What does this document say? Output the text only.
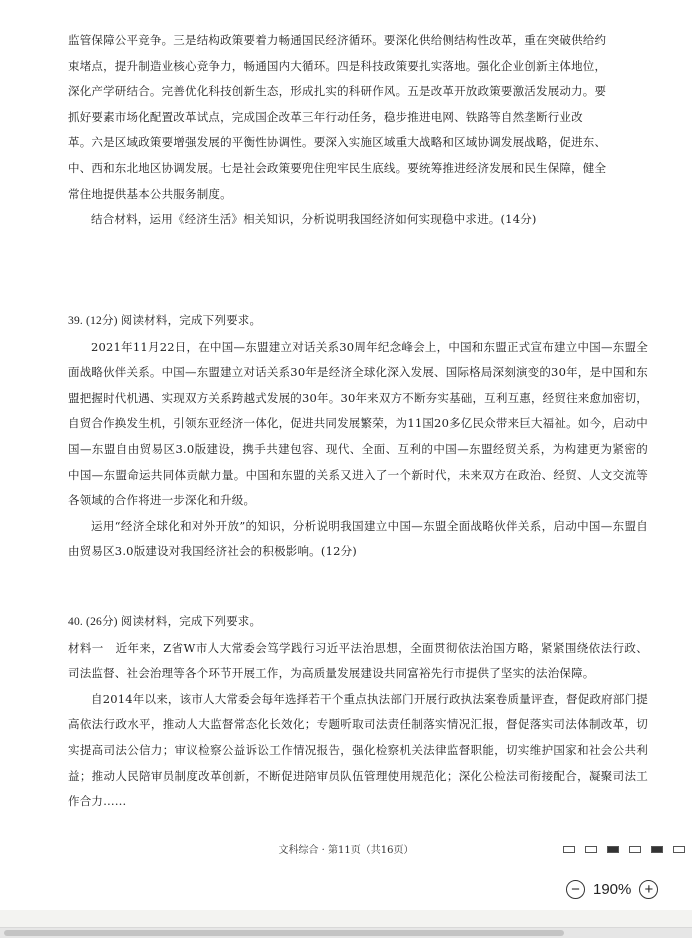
监管保障公平竞争。三是结构政策要着力畅通国民经济循环。要深化供给侧结构性改革，重在突破供给约

束堵点，提升制造业核心竞争力，畅通国内大循环。四是科技政策要扎实落地。强化企业创新主体地位，

深化产学研结合。完善优化科技创新生态，形成扎实的科研作风。五是改革开放政策要激活发展动力。要

抓好要素市场化配置改革试点，完成国企改革三年行动任务，稳步推进电网、铁路等自然垄断行业改

革。六是区域政策要增强发展的平衡性协调性。要深入实施区域重大战略和区域协调发展战略，促进东、

中、西和东北地区协调发展。七是社会政策要兜住兜牢民生底线。要统筹推进经济发展和民生保障，健全

常住地提供基本公共服务制度。

结合材料，运用《经济生活》相关知识，分析说明我国经济如何实现稳中求进。(14分)

39. (12分) 阅读材料，完成下列要求。

2021年11月22日，在中国—东盟建立对话关系30周年纪念峰会上，中国和东盟正式宣布建立中国—东盟全面战略伙伴关系。中国—东盟建立对话关系30年是经济全球化深入发展、国际格局深刻演变的30年，是中国和东盟把握时代机遇、实现双方关系跨越式发展的30年。30年来双方不断夯实基础，互利互惠，经贸往来愈加密切，自贸合作换发生机，引领东亚经济一体化，促进共同发展繁荣，为11国20多亿民众带来巨大福祉。如今，启动中国—东盟自由贸易区3.0版建设，携手共建包容、现代、全面、互利的中国—东盟经贸关系，为构建更为紧密的中国—东盟命运共同体贡献力量。中国和东盟的关系又进入了一个新时代，未来双方在政治、经贸、人文交流等各领域的合作将进一步深化和升级。

运用“经济全球化和对外开放”的知识，分析说明我国建立中国—东盟全面战略伙伴关系，启动中国—东盟自由贸易区3.0版建设对我国经济社会的积极影响。(12分)

40. (26分) 阅读材料，完成下列要求。

材料一　近年来，Z省W市人大常委会笃学践行习近平法治思想，全面贯彻依法治国方略，紧紧围绕依法行政、司法监督、社会治理等各个环节开展工作，为高质量发展建设共同富裕先行市提供了坚实的法治保障。

自2014年以来，该市人大常委会每年选择若干个重点执法部门开展行政执法案卷质量评查，督促政府部门提高依法行政水平，推动人大监督常态化长效化；专题听取司法责任制落实情况汇报，督促落实司法体制改革，切实提高司法公信力；审议检察公益诉讼工作情况报告，强化检察机关法律监督职能，切实维护国家和社会公共利益；推动人民陪审员制度改革创新，不断促进陪审员队伍管理使用规范化；深化公检法司衔接配合，凝聚司法工作合力……

文科综合 · 第11页（共16页）
− 190% +
